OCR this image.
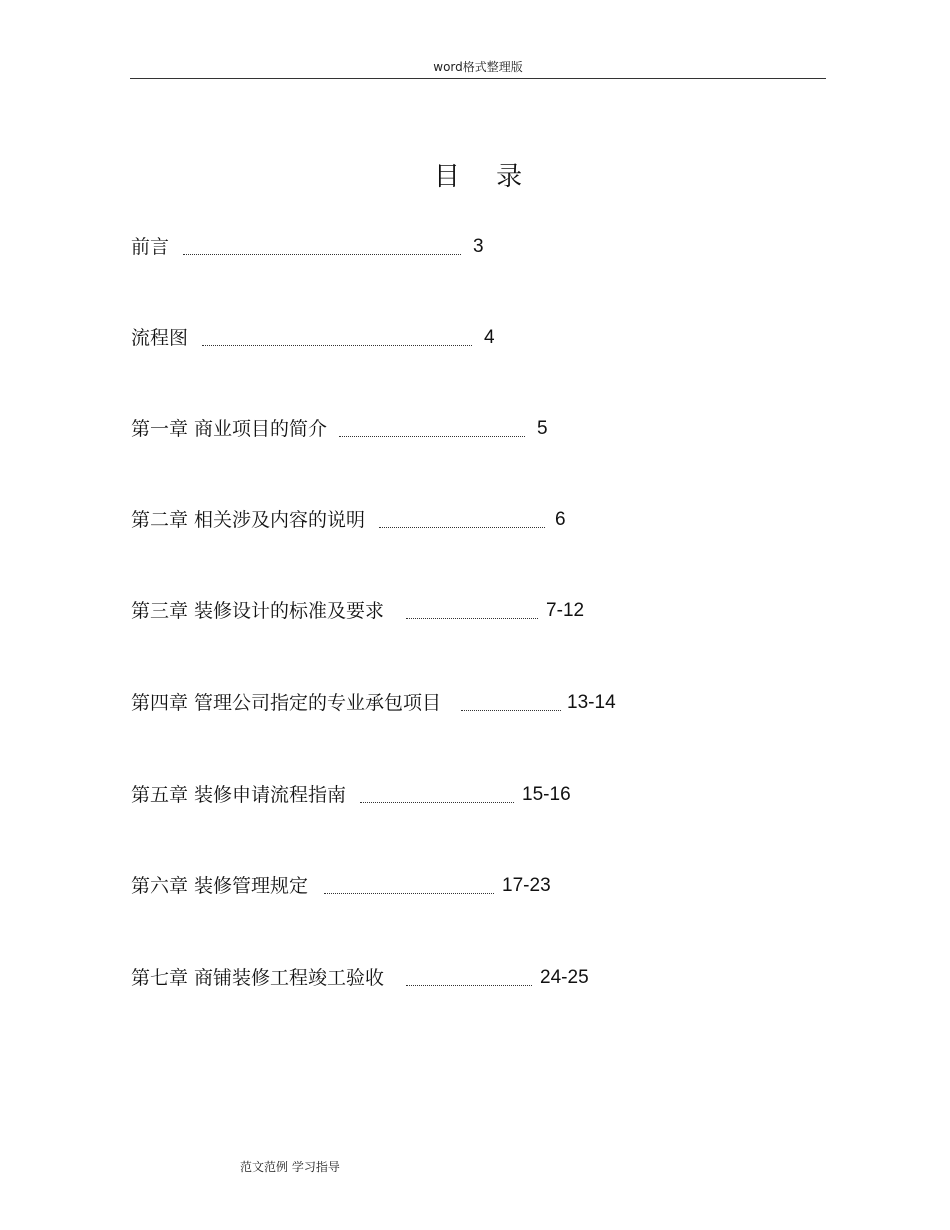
word格式整理版
目 录
前言	3
流程图	4
第一章 商业项目的简介	5
第二章 相关涉及内容的说明	6
第三章 装修设计的标准及要求	7-12
第四章 管理公司指定的专业承包项目	13-14
第五章 装修申请流程指南	15-16
第六章 装修管理规定	17-23
第七章 商铺装修工程竣工验收	24-25
范文范例 学习指导
